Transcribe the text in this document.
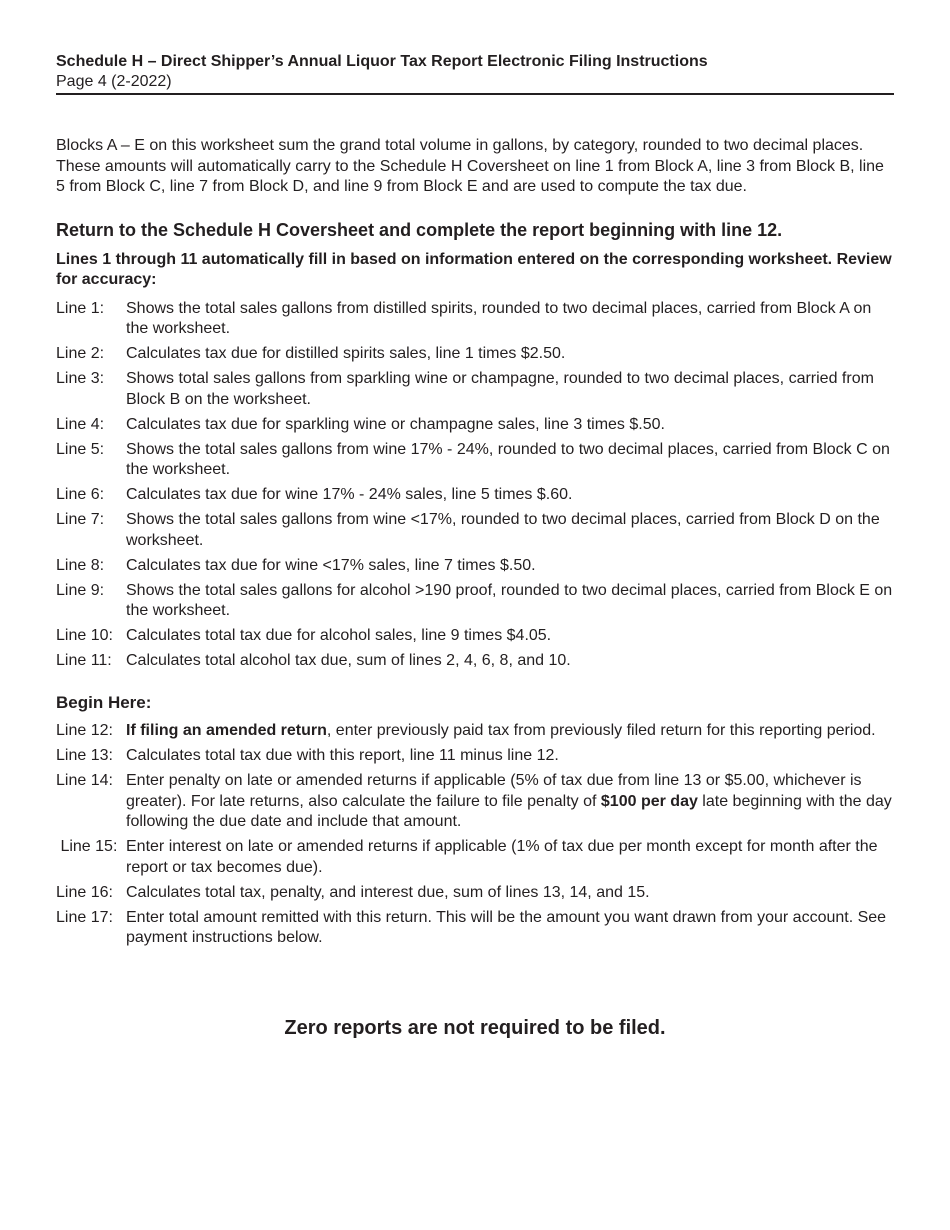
Schedule H – Direct Shipper’s Annual Liquor Tax Report Electronic Filing Instructions
Page 4 (2-2022)

Blocks A – E on this worksheet sum the grand total volume in gallons, by category, rounded to two decimal places. These amounts will automatically carry to the Schedule H Coversheet on line 1 from Block A, line 3 from Block B, line 5 from Block C, line 7 from Block D, and line 9 from Block E and are used to compute the tax due.

Return to the Schedule H Coversheet and complete the report beginning with line 12.
Lines 1 through 11 automatically fill in based on information entered on the corresponding worksheet. Review for accuracy:
Line 1:	Shows the total sales gallons from distilled spirits, rounded to two decimal places, carried from Block A on the worksheet.
Line 2:	Calculates tax due for distilled spirits sales, line 1 times $2.50.
Line 3:	Shows total sales gallons from sparkling wine or champagne, rounded to two decimal places, carried from Block B on the worksheet.
Line 4:	Calculates tax due for sparkling wine or champagne sales, line 3 times $.50.
Line 5:	Shows the total sales gallons from wine 17% - 24%, rounded to two decimal places, carried from Block C on the worksheet.
Line 6:	Calculates tax due for wine 17% - 24% sales, line 5 times $.60.
Line 7:	Shows the total sales gallons from wine <17%, rounded to two decimal places, carried from Block D on the worksheet.
Line 8:	Calculates tax due for wine <17% sales, line 7 times $.50.
Line 9:	Shows the total sales gallons for alcohol >190 proof, rounded to two decimal places, carried from Block E on the worksheet.
Line 10: Calculates total tax due for alcohol sales, line 9 times $4.05.
Line 11: Calculates total alcohol tax due, sum of lines 2, 4, 6, 8, and 10.
Begin Here:
Line 12: If filing an amended return, enter previously paid tax from previously filed return for this reporting period.
Line 13: Calculates total tax due with this report, line 11 minus line 12.
Line 14: Enter penalty on late or amended returns if applicable (5% of tax due from line 13 or $5.00, whichever is greater). For late returns, also calculate the failure to file penalty of $100 per day late beginning with the day following the due date and include that amount.
Line 15: Enter interest on late or amended returns if applicable (1% of tax due per month except for month after the report or tax becomes due).
Line 16: Calculates total tax, penalty, and interest due, sum of lines 13, 14, and 15.
Line 17: Enter total amount remitted with this return. This will be the amount you want drawn from your account. See payment instructions below.
Zero reports are not required to be filed.
